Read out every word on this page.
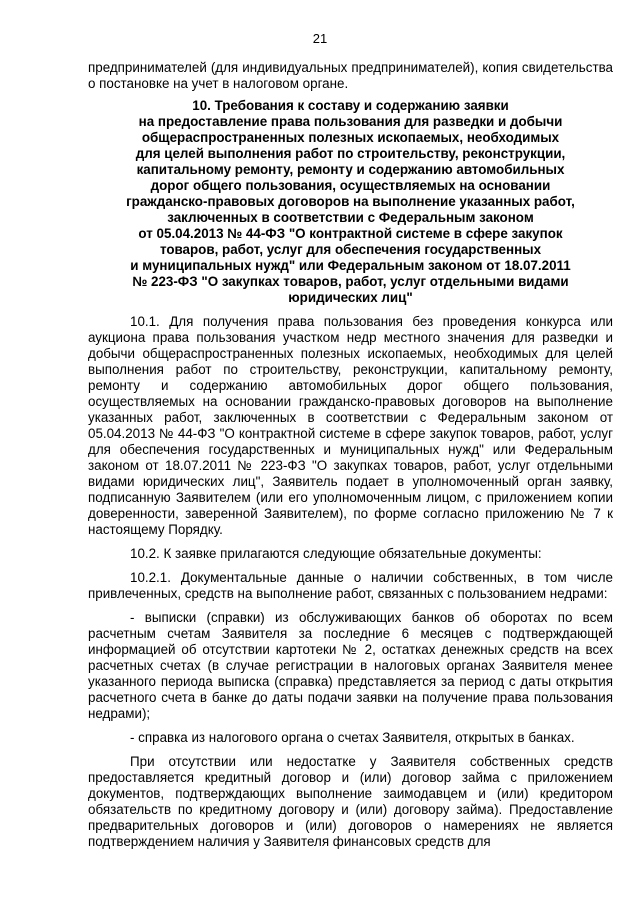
21

предпринимателей (для индивидуальных предпринимателей), копия свидетельства о постановке на учет в налоговом органе.

10. Требования к составу и содержанию заявки
на предоставление права пользования для разведки и добычи
общераспространенных полезных ископаемых, необходимых
для целей выполнения работ по строительству, реконструкции,
капитальному ремонту, ремонту и содержанию автомобильных
дорог общего пользования, осуществляемых на основании
гражданско-правовых договоров на выполнение указанных работ,
заключенных в соответствии с Федеральным законом
от 05.04.2013 № 44-ФЗ "О контрактной системе в сфере закупок
товаров, работ, услуг для обеспечения государственных
и муниципальных нужд" или Федеральным законом от 18.07.2011
№ 223-ФЗ "О закупках товаров, работ, услуг отдельными видами
юридических лиц"

10.1. Для получения права пользования без проведения конкурса или аукциона права пользования участком недр местного значения для разведки и добычи общераспространенных полезных ископаемых, необходимых для целей выполнения работ по строительству, реконструкции, капитальному ремонту, ремонту и содержанию автомобильных дорог общего пользования, осуществляемых на основании гражданско-правовых договоров на выполнение указанных работ, заключенных в соответствии с Федеральным законом от 05.04.2013 № 44-ФЗ "О контрактной системе в сфере закупок товаров, работ, услуг для обеспечения государственных и муниципальных нужд" или Федеральным законом от 18.07.2011 № 223-ФЗ "О закупках товаров, работ, услуг отдельными видами юридических лиц", Заявитель подает в уполномоченный орган заявку, подписанную Заявителем (или его уполномоченным лицом, с приложением копии доверенности, заверенной Заявителем), по форме согласно приложению № 7 к настоящему Порядку.

10.2. К заявке прилагаются следующие обязательные документы:

10.2.1. Документальные данные о наличии собственных, в том числе привлеченных, средств на выполнение работ, связанных с пользованием недрами:

- выписки (справки) из обслуживающих банков об оборотах по всем расчетным счетам Заявителя за последние 6 месяцев с подтверждающей информацией об отсутствии картотеки № 2, остатках денежных средств на всех расчетных счетах (в случае регистрации в налоговых органах Заявителя менее указанного периода выписка (справка) представляется за период с даты открытия расчетного счета в банке до даты подачи заявки на получение права пользования недрами);

- справка из налогового органа о счетах Заявителя, открытых в банках.

При отсутствии или недостатке у Заявителя собственных средств предоставляется кредитный договор и (или) договор займа с приложением документов, подтверждающих выполнение заимодавцем и (или) кредитором обязательств по кредитному договору и (или) договору займа). Предоставление предварительных договоров и (или) договоров о намерениях не является подтверждением наличия у Заявителя финансовых средств для
